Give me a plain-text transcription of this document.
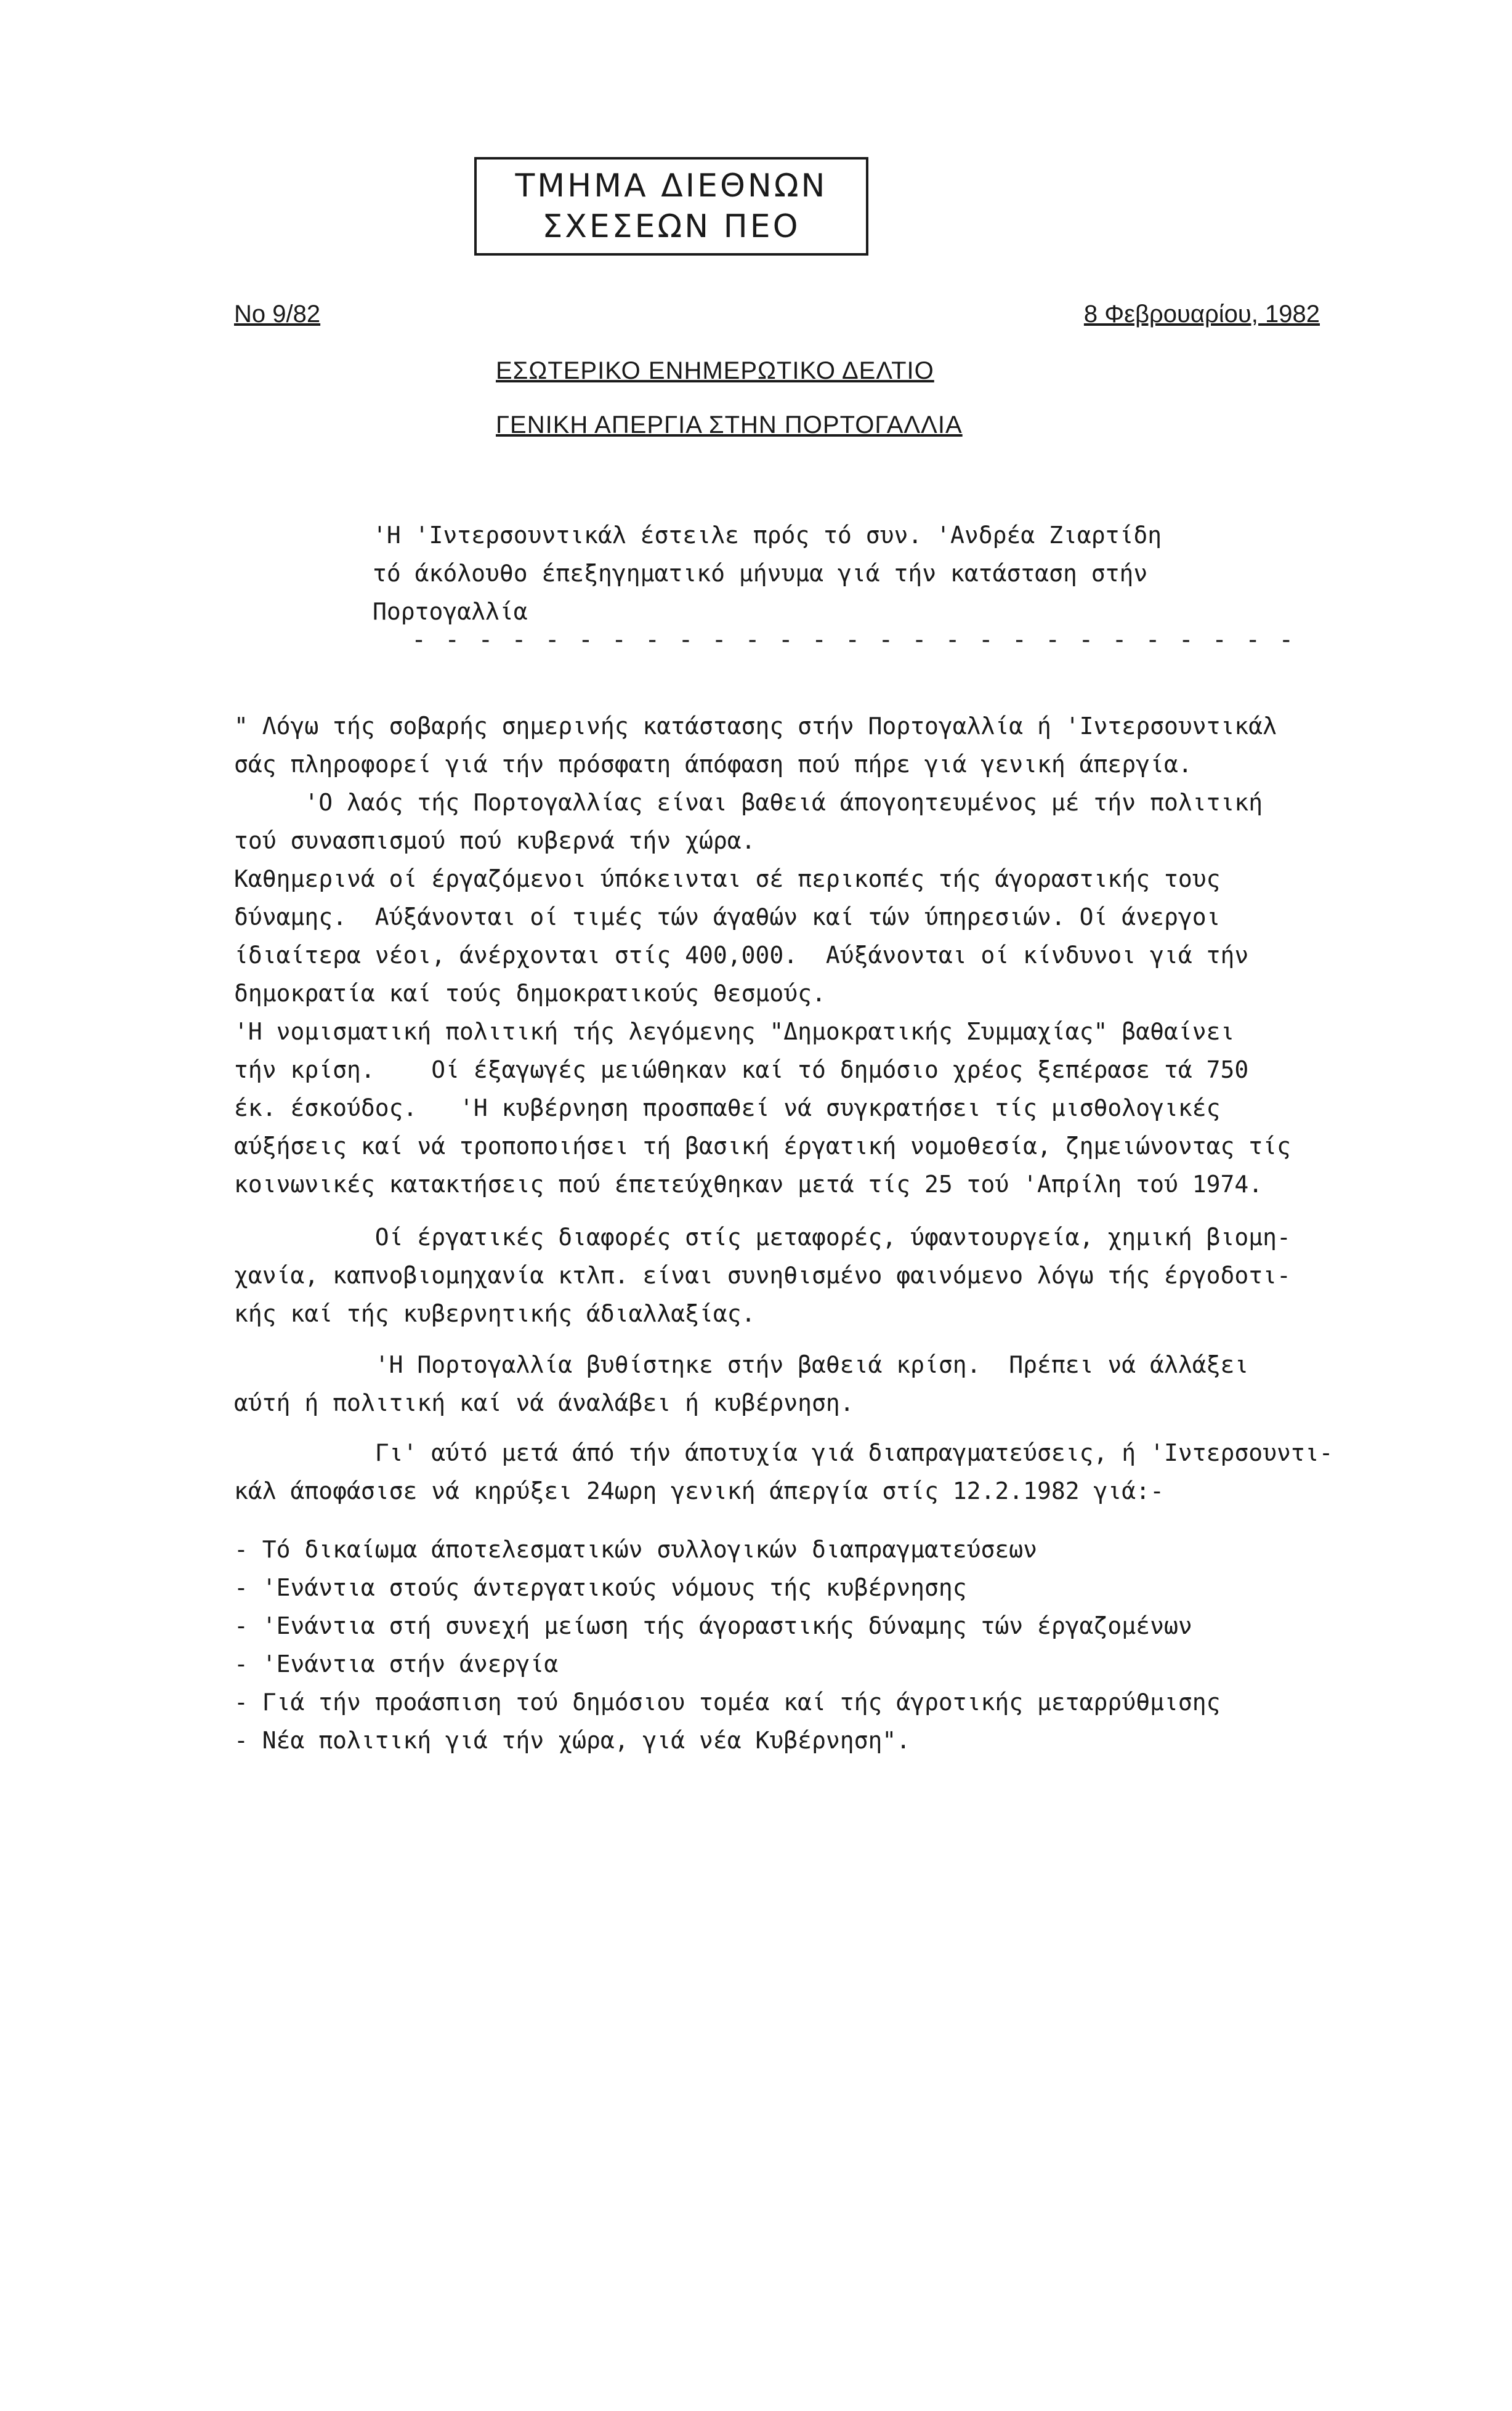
ΤΜΗΜΑ ΔΙΕΘΝΩΝ
ΣΧΕΣΕΩΝ ΠΕΟ
Νο 9/82	8 Φεβρουαρίου, 1982
ΕΣΩΤΕΡΙΚΟ ΕΝΗΜΕΡΩΤΙΚΟ ΔΕΛΤΙΟ
ΓΕΝΙΚΗ ΑΠΕΡΓΙΑ ΣΤΗΝ ΠΟΡΤΟΓΑΛΛΙΑ
'Η 'Ιντερσουντικάλ έστειλε πρός τό συν. 'Ανδρέα Ζιαρτίδη
τό άκόλουθο έπεξηγηματικό μήνυμα γιά τήν κατάσταση στήν
Πορτογαλλία
- - - - - - - - - - - - - - - - - - - - - - - - - - -
" Λόγω τής σοβαρής σημερινής κατάστασης στήν Πορτογαλλία ή 'Ιντερσουντικάλ
σάς πληροφορεί γιά τήν πρόσφατη άπόφαση πού πήρε γιά γενική άπεργία.
'Ο λαός τής Πορτογαλλίας είναι βαθειά άπογοητευμένος μέ τήν πολιτική
τού συνασπισμού πού κυβερνά τήν χώρα.
Καθημερινά οί έργαζόμενοι ύπόκεινται σέ περικοπές τής άγοραστικής τους
δύναμης.  Αύξάνονται οί τιμές τών άγαθών καί τών ύπηρεσιών. Οί άνεργοι
ίδιαίτερα νέοι, άνέρχονται στίς 400,000.  Αύξάνονται οί κίνδυνοι γιά τήν
δημοκρατία καί τούς δημοκρατικούς θεσμούς.
'Η νομισματική πολιτική τής λεγόμενης "Δημοκρατικής Συμμαχίας" βαθαίνει
τήν κρίση.    Οί έξαγωγές μειώθηκαν καί τό δημόσιο χρέος ξεπέρασε τά 750
έκ. έσκούδος.   'Η κυβέρνηση προσπαθεί νά συγκρατήσει τίς μισθολογικές
αύξήσεις καί νά τροποποιήσει τή βασική έργατική νομοθεσία, ζημειώνοντας τίς
κοινωνικές κατακτήσεις πού έπετεύχθηκαν μετά τίς 25 τού 'Απρίλη τού 1974.
Οί έργατικές διαφορές στίς μεταφορές, ύφαντουργεία, χημική βιομη-
χανία, καπνοβιομηχανία κτλπ. είναι συνηθισμένο φαινόμενο λόγω τής έργοδοτι-
κής καί τής κυβερνητικής άδιαλλαξίας.
'Η Πορτογαλλία βυθίστηκε στήν βαθειά κρίση.  Πρέπει νά άλλάξει
αύτή ή πολιτική καί νά άναλάβει ή κυβέρνηση.
Γι' αύτό μετά άπό τήν άποτυχία γιά διαπραγματεύσεις, ή 'Ιντερσουντι-
κάλ άποφάσισε νά κηρύξει 24ωρη γενική άπεργία στίς 12.2.1982 γιά:-
- Τό δικαίωμα άποτελεσματικών συλλογικών διαπραγματεύσεων
- 'Ενάντια στούς άντεργατικούς νόμους τής κυβέρνησης
- 'Ενάντια στή συνεχή μείωση τής άγοραστικής δύναμης τών έργαζομένων
- 'Ενάντια στήν άνεργία
- Γιά τήν προάσπιση τού δημόσιου τομέα καί τής άγροτικής μεταρρύθμισης
- Νέα πολιτική γιά τήν χώρα, γιά νέα Κυβέρνηση".
